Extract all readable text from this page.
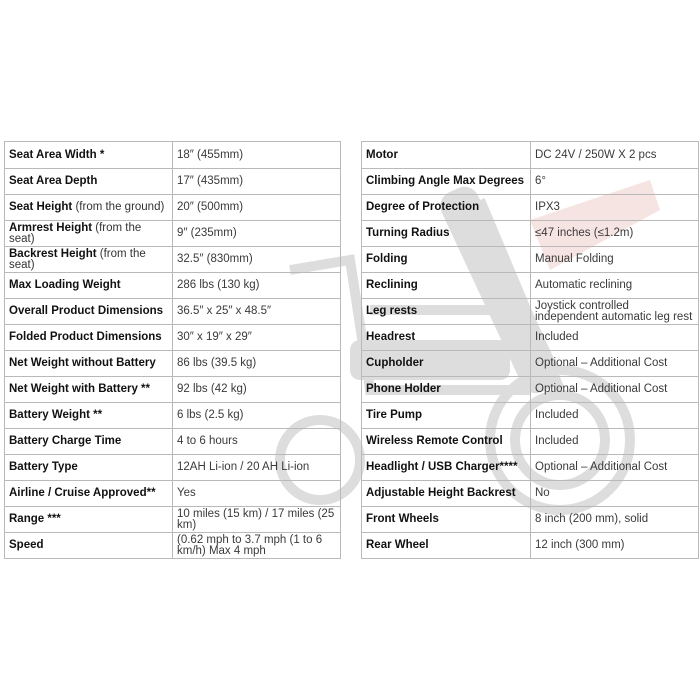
Seat Area Width *	18″ (455mm)
Seat Area Depth	17″ (435mm)
Seat Height (from the ground)	20″ (500mm)
Armrest Height (from the seat)	9″ (235mm)
Backrest Height (from the seat)	32.5″ (830mm)
Max Loading Weight	286 lbs (130 kg)
Overall Product Dimensions	36.5″ x 25″ x 48.5″
Folded Product Dimensions	30″ x 19″ x 29″
Net Weight without Battery	86 lbs (39.5 kg)
Net Weight with Battery **	92 lbs (42 kg)
Battery Weight **	6 lbs (2.5 kg)
Battery Charge Time	4 to 6 hours
Battery Type	12AH Li-ion / 20 AH Li-ion
Airline / Cruise Approved**	Yes
Range ***	10 miles (15 km) / 17 miles (25 km)
Speed	(0.62 mph to 3.7 mph (1 to 6 km/h) Max 4 mph
Motor	DC 24V / 250W X 2 pcs
Climbing Angle Max Degrees	6°
Degree of Protection	IPX3
Turning Radius	≤47 inches (≤1.2m)
Folding	Manual Folding
Reclining	Automatic reclining
Leg rests	Joystick controlled independent automatic leg rest
Headrest	Included
Cupholder	Optional – Additional Cost
Phone Holder	Optional – Additional Cost
Tire Pump	Included
Wireless Remote Control	Included
Headlight / USB Charger****	Optional – Additional Cost
Adjustable Height Backrest	No
Front Wheels	8 inch (200 mm), solid
Rear Wheel	12 inch (300 mm)
